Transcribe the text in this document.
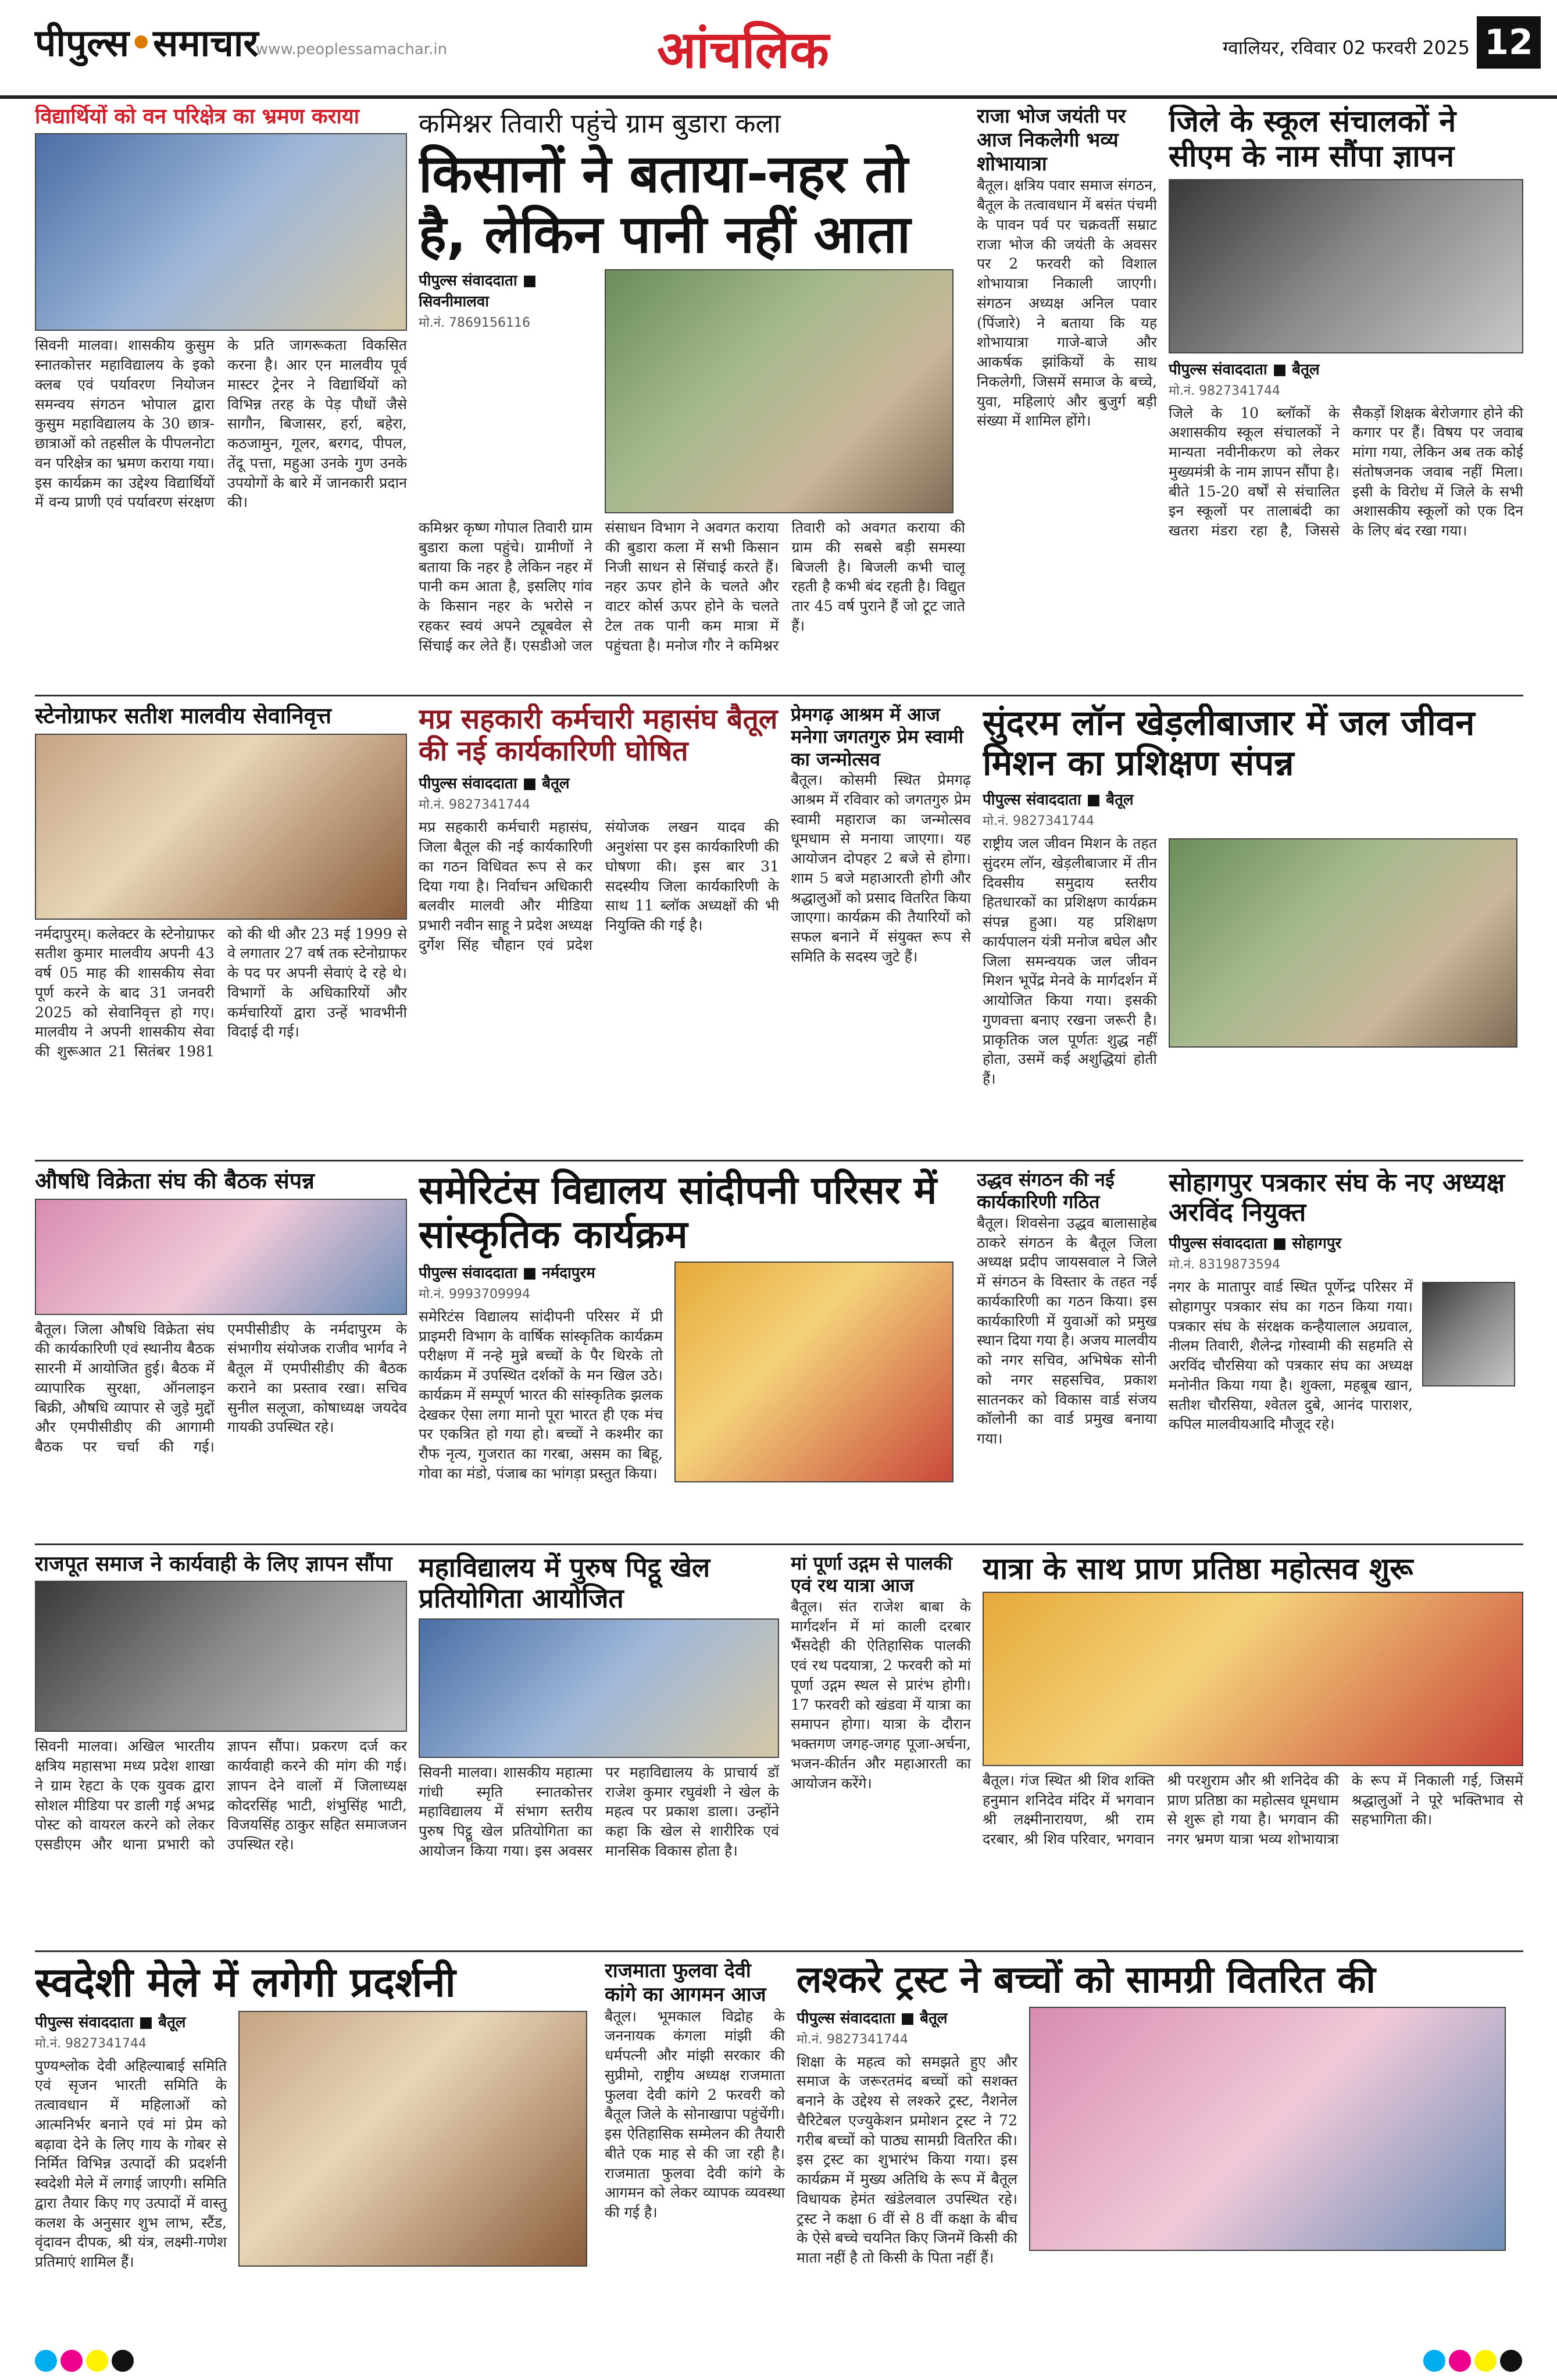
पीपुल्स•समाचार
www.peoplessamachar.in	आंचलिक	ग्वालियर, रविवार 02 फरवरी 2025 12
विद्यार्थियों को वन परिक्षेत्र का भ्रमण कराया

सिवनी मालवा। शासकीय कुसुम स्नातकोत्तर महाविद्यालय के इको क्लब एवं पर्यावरण नियोजन समन्वय संगठन भोपाल द्वारा कुसुम महाविद्यालय के 30 छात्र-छात्राओं को तहसील के पीपलनोटा वन परिक्षेत्र का भ्रमण कराया गया। इस कार्यक्रम का उद्देश्य विद्यार्थियों में वन्य प्राणी एवं पर्यावरण संरक्षण के प्रति जागरूकता विकसित करना है। आर एन मालवीय पूर्व मास्टर ट्रेनर ने विद्यार्थियों को विभिन्न तरह के पेड़ पौधों जैसे सागौन, बिजासर, हर्रा, बहेरा, कठजामुन, गूलर, बरगद, पीपल, तेंदू पत्ता, महुआ उनके गुण उनके उपयोगों के बारे में जानकारी प्रदान की।

कमिश्नर तिवारी पहुंचे ग्राम बुडारा कला
किसानों ने बताया-नहर तो है, लेकिन पानी नहीं आता
पीपुल्स संवाददाता ■ सिवनीमालवा
मो.नं. 7869156116

कमिश्नर कृष्ण गोपाल तिवारी ग्राम बुडारा कला पहुंचे। ग्रामीणों ने बताया कि नहर है लेकिन नहर में पानी कम आता है, इसलिए गांव के किसान नहर के भरोसे न रहकर स्वयं अपने ट्यूबवेल से सिंचाई कर लेते हैं। एसडीओ जल संसाधन विभाग ने अवगत कराया की बुडारा कला में सभी किसान निजी साधन से सिंचाई करते हैं। नहर ऊपर होने के चलते और वाटर कोर्स ऊपर होने के चलते टेल तक पानी कम मात्रा में पहुंचता है। मनोज गौर ने कमिश्नर तिवारी को अवगत कराया की ग्राम की सबसे बड़ी समस्या बिजली है। बिजली कभी चालू रहती है कभी बंद रहती है। विद्युत तार 45 वर्ष पुराने हैं जो टूट जाते हैं।

राजा भोज जयंती पर आज निकलेगी भव्य शोभायात्रा

बैतूल। क्षत्रिय पवार समाज संगठन, बैतूल के तत्वावधान में बसंत पंचमी के पावन पर्व पर चक्रवर्ती सम्राट राजा भोज की जयंती के अवसर पर 2 फरवरी को विशाल शोभायात्रा निकाली जाएगी। संगठन अध्यक्ष अनिल पवार (पिंजारे) ने बताया कि यह शोभायात्रा गाजे-बाजे और आकर्षक झांकियों के साथ निकलेगी, जिसमें समाज के बच्चे, युवा, महिलाएं और बुजुर्ग बड़ी संख्या में शामिल होंगे।

जिले के स्कूल संचालकों ने सीएम के नाम सौंपा ज्ञापन
पीपुल्स संवाददाता ■ बैतूल
मो.नं. 9827341744

जिले के 10 ब्लॉकों के अशासकीय स्कूल संचालकों ने मान्यता नवीनीकरण को लेकर मुख्यमंत्री के नाम ज्ञापन सौंपा है। बीते 15-20 वर्षों से संचालित इन स्कूलों पर तालाबंदी का खतरा मंडरा रहा है, जिससे सैकड़ों शिक्षक बेरोजगार होने की कगार पर हैं। विषय पर जवाब मांगा गया, लेकिन अब तक कोई संतोषजनक जवाब नहीं मिला। इसी के विरोध में जिले के सभी अशासकीय स्कूलों को एक दिन के लिए बंद रखा गया।

स्टेनोग्राफर सतीश मालवीय सेवानिवृत्त

नर्मदापुरम्। कलेक्टर के स्टेनोग्राफर सतीश कुमार मालवीय अपनी 43 वर्ष 05 माह की शासकीय सेवा पूर्ण करने के बाद 31 जनवरी 2025 को सेवानिवृत्त हो गए। मालवीय ने अपनी शासकीय सेवा की शुरूआत 21 सितंबर 1981 को की थी और 23 मई 1999 से वे लगातार 27 वर्ष तक स्टेनोग्राफर के पद पर अपनी सेवाएं दे रहे थे। विभागों के अधिकारियों और कर्मचारियों द्वारा उन्हें भावभीनी विदाई दी गई।

मप्र सहकारी कर्मचारी महासंघ बैतूल की नई कार्यकारिणी घोषित
पीपुल्स संवाददाता ■ बैतूल
मो.नं. 9827341744

मप्र सहकारी कर्मचारी महासंघ, जिला बैतूल की नई कार्यकारिणी का गठन विधिवत रूप से कर दिया गया है। निर्वाचन अधिकारी बलवीर मालवी और मीडिया प्रभारी नवीन साहू ने प्रदेश अध्यक्ष दुर्गेश सिंह चौहान एवं प्रदेश संयोजक लखन यादव की अनुशंसा पर इस कार्यकारिणी की घोषणा की। इस बार 31 सदस्यीय जिला कार्यकारिणी के साथ 11 ब्लॉक अध्यक्षों की भी नियुक्ति की गई है।

प्रेमगढ़ आश्रम में आज मनेगा जगतगुरु प्रेम स्वामी का जन्मोत्सव

बैतूल। कोसमी स्थित प्रेमगढ़ आश्रम में रविवार को जगतगुरु प्रेम स्वामी महाराज का जन्मोत्सव धूमधाम से मनाया जाएगा। यह आयोजन दोपहर 2 बजे से होगा। शाम 5 बजे महाआरती होगी और श्रद्धालुओं को प्रसाद वितरित किया जाएगा। कार्यक्रम की तैयारियों को सफल बनाने में संयुक्त रूप से समिति के सदस्य जुटे हैं।

सुंदरम लॉन खेड़लीबाजार में जल जीवन मिशन का प्रशिक्षण संपन्न
पीपुल्स संवाददाता ■ बैतूल
मो.नं. 9827341744

राष्ट्रीय जल जीवन मिशन के तहत सुंदरम लॉन, खेड़लीबाजार में तीन दिवसीय समुदाय स्तरीय हितधारकों का प्रशिक्षण कार्यक्रम संपन्न हुआ। यह प्रशिक्षण कार्यपालन यंत्री मनोज बघेल और जिला समन्वयक जल जीवन मिशन भूपेंद्र मेनवे के मार्गदर्शन में आयोजित किया गया। इसकी गुणवत्ता बनाए रखना जरूरी है। प्राकृतिक जल पूर्णतः शुद्ध नहीं होता, उसमें कई अशुद्धियां होती हैं।

औषधि विक्रेता संघ की बैठक संपन्न

बैतूल। जिला औषधि विक्रेता संघ की कार्यकारिणी एवं स्थानीय बैठक सारनी में आयोजित हुई। बैठक में व्यापारिक सुरक्षा, ऑनलाइन बिक्री, औषधि व्यापार से जुड़े मुद्दों और एमपीसीडीए की आगामी बैठक पर चर्चा की गई। एमपीसीडीए के नर्मदापुरम के संभागीय संयोजक राजीव भार्गव ने बैतूल में एमपीसीडीए की बैठक कराने का प्रस्ताव रखा। सचिव सुनील सलूजा, कोषाध्यक्ष जयदेव गायकी उपस्थित रहे।

समेरिटंस विद्यालय सांदीपनी परिसर में सांस्कृतिक कार्यक्रम
पीपुल्स संवाददाता ■ नर्मदापुरम
मो.नं. 9993709994

समेरिटंस विद्यालय सांदीपनी परिसर में प्री प्राइमरी विभाग के वार्षिक सांस्कृतिक कार्यक्रम परीक्षण में नन्हे मुन्ने बच्चों के पैर थिरके तो कार्यक्रम में उपस्थित दर्शकों के मन खिल उठे। कार्यक्रम में सम्पूर्ण भारत की सांस्कृतिक झलक देखकर ऐसा लगा मानो पूरा भारत ही एक मंच पर एकत्रित हो गया हो। बच्चों ने कश्मीर का रौफ नृत्य, गुजरात का गरबा, असम का बिहू, गोवा का मंडो, पंजाब का भांगड़ा प्रस्तुत किया।

उद्धव संगठन की नई कार्यकारिणी गठित

बैतूल। शिवसेना उद्धव बालासाहेब ठाकरे संगठन के बैतूल जिला अध्यक्ष प्रदीप जायसवाल ने जिले में संगठन के विस्तार के तहत नई कार्यकारिणी का गठन किया। इस कार्यकारिणी में युवाओं को प्रमुख स्थान दिया गया है। अजय मालवीय को नगर सचिव, अभिषेक सोनी को नगर सहसचिव, प्रकाश सातनकर को विकास वार्ड संजय कॉलोनी का वार्ड प्रमुख बनाया गया।

सोहागपुर पत्रकार संघ के नए अध्यक्ष अरविंद नियुक्त
पीपुल्स संवाददाता ■ सोहागपुर
मो.नं. 8319873594

नगर के मातापुर वार्ड स्थित पूर्णेन्द्र परिसर में सोहागपुर पत्रकार संघ का गठन किया गया। पत्रकार संघ के संरक्षक कन्हैयालाल अग्रवाल, नीलम तिवारी, शैलेन्द्र गोस्वामी की सहमति से अरविंद चौरसिया को पत्रकार संघ का अध्यक्ष मनोनीत किया गया है। शुक्ला, महबूब खान, सतीश चौरसिया, श्वेतल दुबे, आनंद पाराशर, कपिल मालवीयआदि मौजूद रहे।

राजपूत समाज ने कार्यवाही के लिए ज्ञापन सौंपा

सिवनी मालवा। अखिल भारतीय क्षत्रिय महासभा मध्य प्रदेश शाखा ने ग्राम रेहटा के एक युवक द्वारा सोशल मीडिया पर डाली गई अभद्र पोस्ट को वायरल करने को लेकर एसडीएम और थाना प्रभारी को ज्ञापन सौंपा। प्रकरण दर्ज कर कार्यवाही करने की मांग की गई। ज्ञापन देने वालों में जिलाध्यक्ष कोदरसिंह भाटी, शंभुसिंह भाटी, विजयसिंह ठाकुर सहित समाजजन उपस्थित रहे।

महाविद्यालय में पुरुष पिट्ठू खेल प्रतियोगिता आयोजित

सिवनी मालवा। शासकीय महात्मा गांधी स्मृति स्नातकोत्तर महाविद्यालय में संभाग स्तरीय पुरुष पिट्ठू खेल प्रतियोगिता का आयोजन किया गया। इस अवसर पर महाविद्यालय के प्राचार्य डॉ राजेश कुमार रघुवंशी ने खेल के महत्व पर प्रकाश डाला। उन्होंने कहा कि खेल से शारीरिक एवं मानसिक विकास होता है।

मां पूर्णा उद्गम से पालकी एवं रथ यात्रा आज

बैतूल। संत राजेश बाबा के मार्गदर्शन में मां काली दरबार भैंसदेही की ऐतिहासिक पालकी एवं रथ पदयात्रा, 2 फरवरी को मां पूर्णा उद्गम स्थल से प्रारंभ होगी। 17 फरवरी को खंडवा में यात्रा का समापन होगा। यात्रा के दौरान भक्तगण जगह-जगह पूजा-अर्चना, भजन-कीर्तन और महाआरती का आयोजन करेंगे।

यात्रा के साथ प्राण प्रतिष्ठा महोत्सव शुरू

बैतूल। गंज स्थित श्री शिव शक्ति हनुमान शनिदेव मंदिर में भगवान श्री लक्ष्मीनारायण, श्री राम दरबार, श्री शिव परिवार, भगवान श्री परशुराम और श्री शनिदेव की प्राण प्रतिष्ठा का महोत्सव धूमधाम से शुरू हो गया है। भगवान की नगर भ्रमण यात्रा भव्य शोभायात्रा के रूप में निकाली गई, जिसमें श्रद्धालुओं ने पूरे भक्तिभाव से सहभागिता की।

स्वदेशी मेले में लगेगी प्रदर्शनी
पीपुल्स संवाददाता ■ बैतूल
मो.नं. 9827341744

पुण्यश्लोक देवी अहिल्याबाई समिति एवं सृजन भारती समिति के तत्वावधान में महिलाओं को आत्मनिर्भर बनाने एवं मां प्रेम को बढ़ावा देने के लिए गाय के गोबर से निर्मित विभिन्न उत्पादों की प्रदर्शनी स्वदेशी मेले में लगाई जाएगी। समिति द्वारा तैयार किए गए उत्पादों में वास्तु कलश के अनुसार शुभ लाभ, स्टैंड, वृंदावन दीपक, श्री यंत्र, लक्ष्मी-गणेश प्रतिमाएं शामिल हैं।

राजमाता फुलवा देवी कांगे का आगमन आज

बैतूल। भूमकाल विद्रोह के जननायक कंगला मांझी की धर्मपत्नी और मांझी सरकार की सुप्रीमो, राष्ट्रीय अध्यक्ष राजमाता फुलवा देवी कांगे 2 फरवरी को बैतूल जिले के सोनाखापा पहुंचेंगी। इस ऐतिहासिक सम्मेलन की तैयारी बीते एक माह से की जा रही है। राजमाता फुलवा देवी कांगे के आगमन को लेकर व्यापक व्यवस्था की गई है।

लश्करे ट्रस्ट ने बच्चों को सामग्री वितरित की
पीपुल्स संवाददाता ■ बैतूल
मो.नं. 9827341744

शिक्षा के महत्व को समझते हुए और समाज के जरूरतमंद बच्चों को सशक्त बनाने के उद्देश्य से लश्करे ट्रस्ट, नैशनेल चैरिटेबल एज्युकेशन प्रमोशन ट्रस्ट ने 72 गरीब बच्चों को पाठ्य सामग्री वितरित की। इस ट्रस्ट का शुभारंभ किया गया। इस कार्यक्रम में मुख्य अतिथि के रूप में बैतूल विधायक हेमंत खंडेलवाल उपस्थित रहे। ट्रस्ट ने कक्षा 6 वीं से 8 वीं कक्षा के बीच के ऐसे बच्चे चयनित किए जिनमें किसी की माता नहीं है तो किसी के पिता नहीं हैं।
